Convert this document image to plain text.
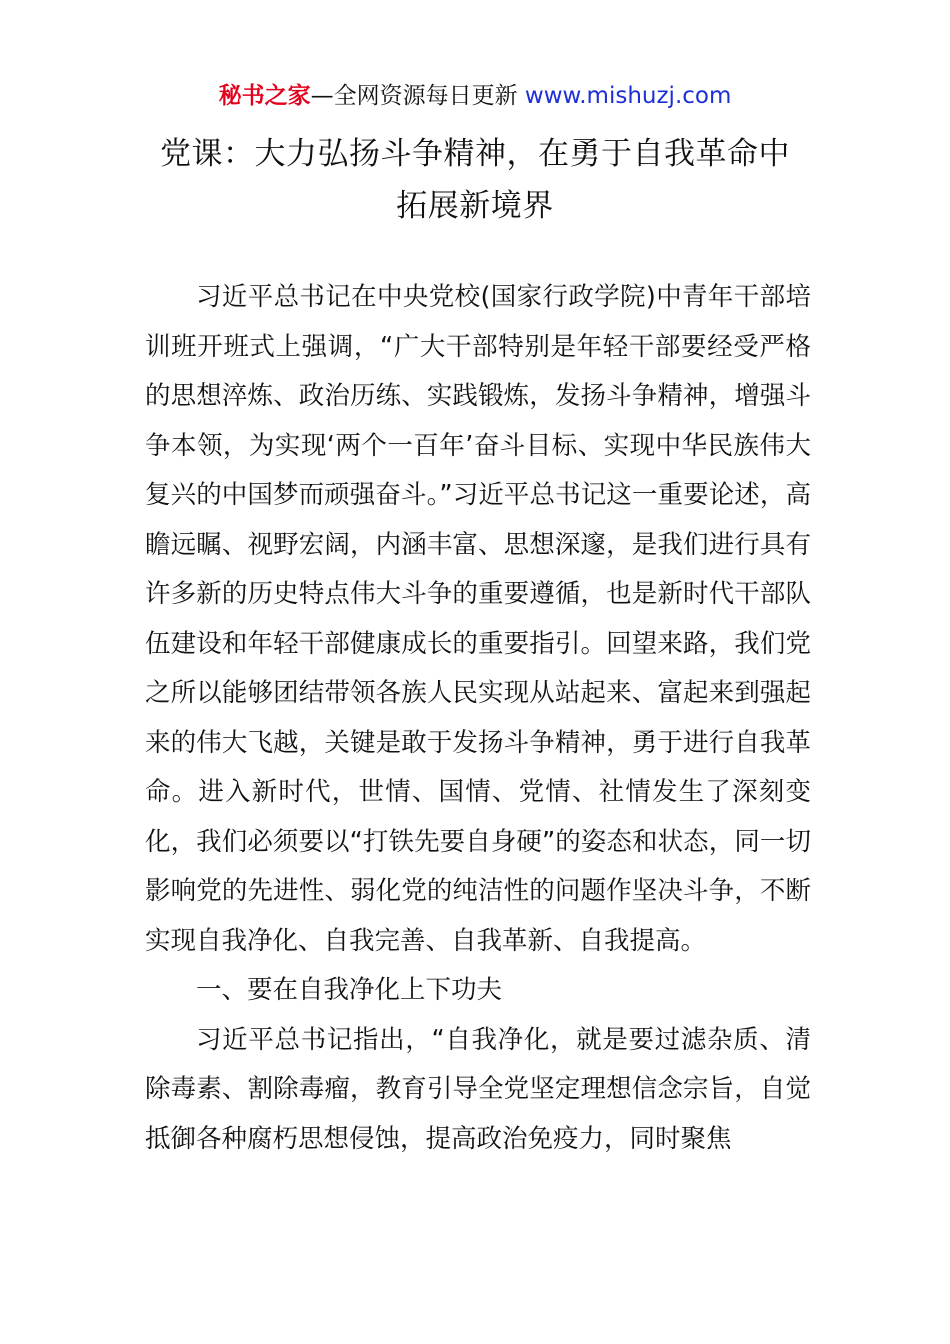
秘书之家—全网资源每日更新 www.mishuzj.com
党课：大力弘扬斗争精神，在勇于自我革命中
拓展新境界

习近平总书记在中央党校(国家行政学院)中青年干部培训班开班式上强调，“广大干部特别是年轻干部要经受严格的思想淬炼、政治历练、实践锻炼，发扬斗争精神，增强斗争本领，为实现‘两个一百年’奋斗目标、实现中华民族伟大复兴的中国梦而顽强奋斗。”习近平总书记这一重要论述，高瞻远瞩、视野宏阔，内涵丰富、思想深邃，是我们进行具有许多新的历史特点伟大斗争的重要遵循，也是新时代干部队伍建设和年轻干部健康成长的重要指引。回望来路，我们党之所以能够团结带领各族人民实现从站起来、富起来到强起来的伟大飞越，关键是敢于发扬斗争精神，勇于进行自我革命。进入新时代，世情、国情、党情、社情发生了深刻变化，我们必须要以“打铁先要自身硬”的姿态和状态，同一切影响党的先进性、弱化党的纯洁性的问题作坚决斗争，不断实现自我净化、自我完善、自我革新、自我提高。

一、要在自我净化上下功夫

习近平总书记指出，“自我净化，就是要过滤杂质、清除毒素、割除毒瘤，教育引导全党坚定理想信念宗旨，自觉抵御各种腐朽思想侵蚀，提高政治免疫力，同时聚焦
